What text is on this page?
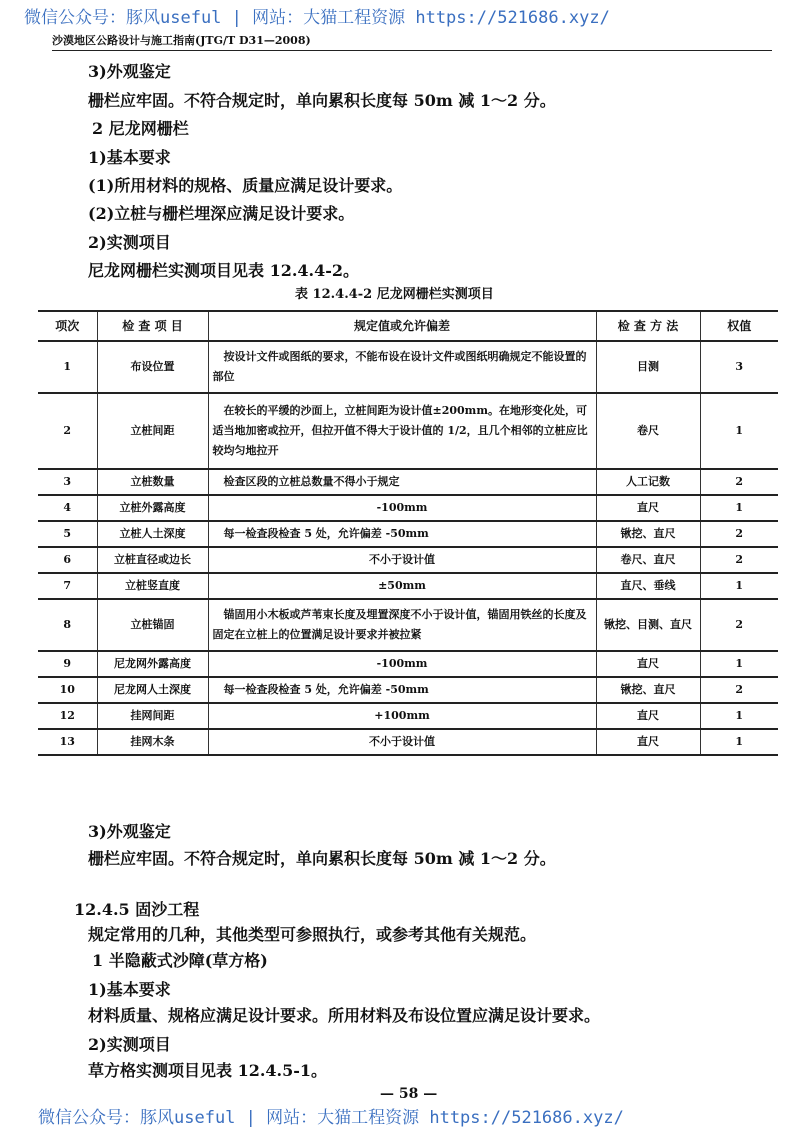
微信公众号：豚风useful | 网站：大猫工程资源 https://521686.xyz/
沙漠地区公路设计与施工指南(JTG/T D31—2008)
3)外观鉴定
栅栏应牢固。不符合规定时，单向累积长度每 50m 减 1～2 分。
2 尼龙网栅栏
1)基本要求
(1)所用材料的规格、质量应满足设计要求。
(2)立桩与栅栏埋深应满足设计要求。
2)实测项目
尼龙网栅栏实测项目见表 12.4.4-2。
表 12.4.4-2 尼龙网栅栏实测项目
项次	检 查 项 目	规定值或允许偏差	检 查 方 法	权值
1	布设位置	　按设计文件或图纸的要求，不能布设在设计文件或图纸明确规定不能设置的部位	目测	3
2	立桩间距	　在较长的平缓的沙面上，立桩间距为设计值±200mm。在地形变化处，可适当地加密或拉开，但拉开值不得大于设计值的 1/2，且几个相邻的立桩应比较均匀地拉开	卷尺	1
3	立桩数量	　检查区段的立桩总数量不得小于规定	人工记数	2
4	立桩外露高度	-100mm	直尺	1
5	立桩人土深度	　每一检查段检查 5 处，允许偏差 -50mm	锹挖、直尺	2
6	立桩直径或边长	不小于设计值	卷尺、直尺	2
7	立桩竖直度	±50mm	直尺、垂线	1
8	立桩锚固	　锚固用小木板或芦苇束长度及埋置深度不小于设计值，锚固用铁丝的长度及固定在立桩上的位置满足设计要求并被拉紧	锹挖、目测、直尺	2
9	尼龙网外露高度	-100mm	直尺	1
10	尼龙网人土深度	　每一检查段检查 5 处，允许偏差 -50mm	锹挖、直尺	2
12	挂网间距	+100mm	直尺	1
13	挂网木条	不小于设计值	直尺	1
3)外观鉴定
栅栏应牢固。不符合规定时，单向累积长度每 50m 减 1～2 分。
12.4.5 固沙工程
规定常用的几种，其他类型可参照执行，或参考其他有关规范。
1 半隐蔽式沙障(草方格)
1)基本要求
材料质量、规格应满足设计要求。所用材料及布设位置应满足设计要求。
2)实测项目
草方格实测项目见表 12.4.5-1。
— 58 —
微信公众号：豚风useful | 网站：大猫工程资源 https://521686.xyz/
